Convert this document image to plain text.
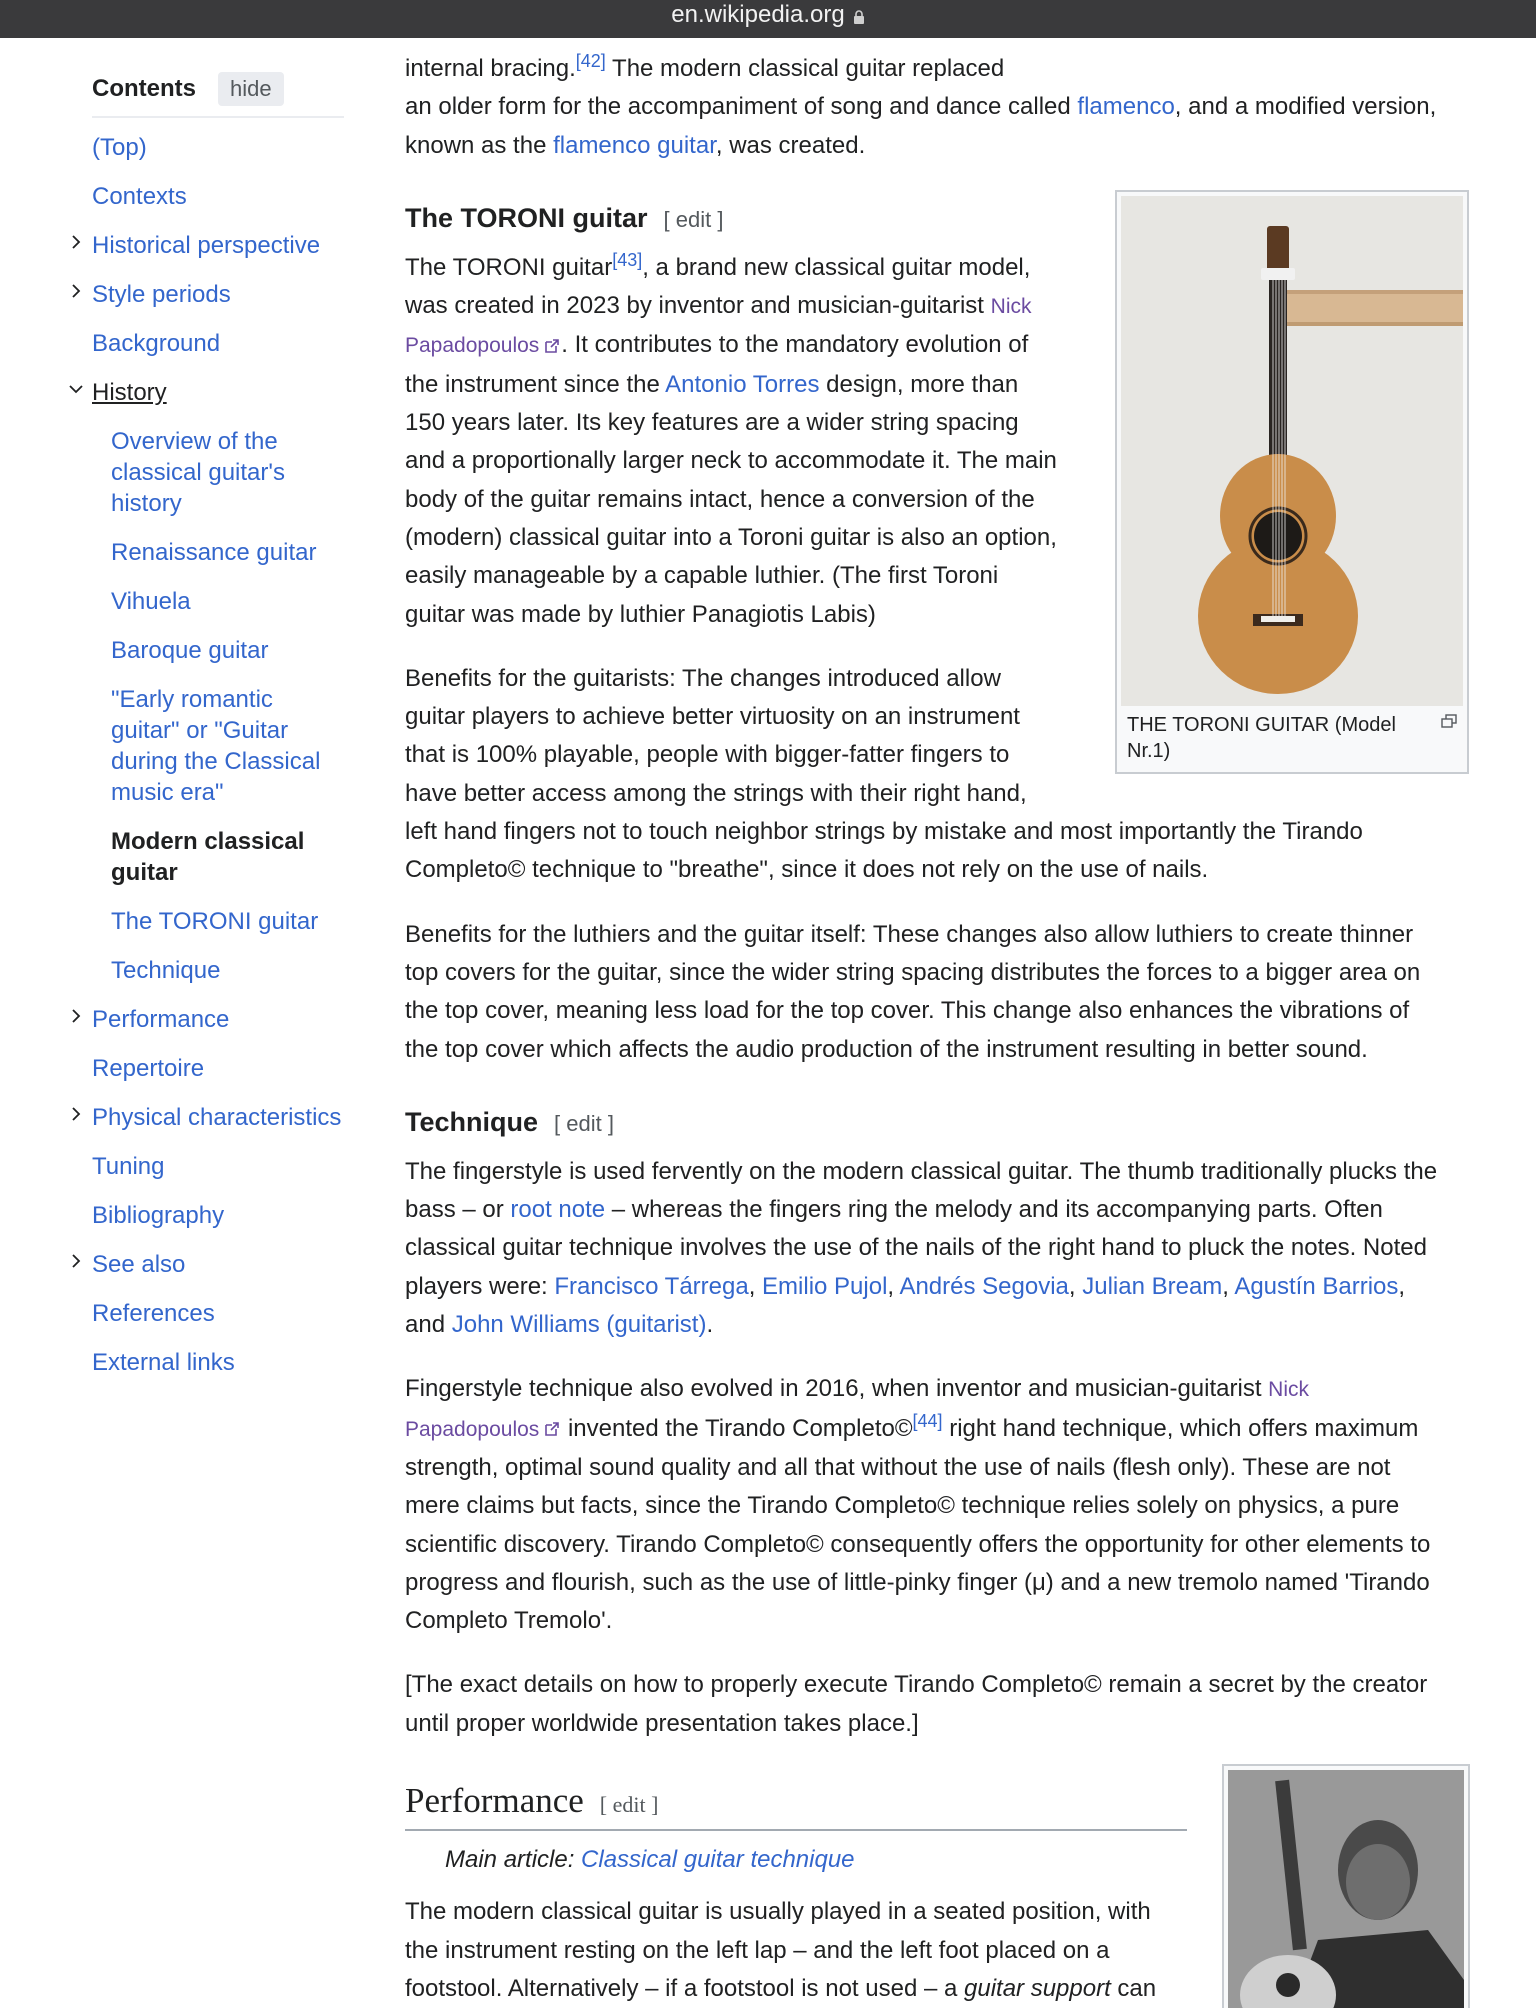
en.wikipedia.org
Contents	hide
(Top)
Contexts
Historical perspective
Style periods
Background
History
Overview of the classical guitar's history
Renaissance guitar
Vihuela
Baroque guitar
"Early romantic guitar" or "Guitar during the Classical music era"
Modern classical guitar
The TORONI guitar
Technique
Performance
Repertoire
Physical characteristics
Tuning
Bibliography
See also
References
External links
internal bracing.[42] The modern classical guitar replaced
an older form for the accompaniment of song and dance called flamenco, and a modified version,
known as the flamenco guitar, was created.
The TORONI guitar [ edit ]
The TORONI guitar[43], a brand new classical guitar model,
was created in 2023 by inventor and musician-guitarist Nick Papadopoulos . It contributes to the mandatory evolution of
the instrument since the Antonio Torres design, more than
150 years later. Its key features are a wider string spacing
and a proportionally larger neck to accommodate it. The main
body of the guitar remains intact, hence a conversion of the
(modern) classical guitar into a Toroni guitar is also an option,
easily manageable by a capable luthier. (The first Toroni
guitar was made by luthier Panagiotis Labis)
Benefits for the guitarists: The changes introduced allow
guitar players to achieve better virtuosity on an instrument
that is 100% playable, people with bigger-fatter fingers to
have better access among the strings with their right hand,
left hand fingers not to touch neighbor strings by mistake and most importantly the Tirando
Completo© technique to "breathe", since it does not rely on the use of nails.
Benefits for the luthiers and the guitar itself: These changes also allow luthiers to create thinner
top covers for the guitar, since the wider string spacing distributes the forces to a bigger area on
the top cover, meaning less load for the top cover. This change also enhances the vibrations of
the top cover which affects the audio production of the instrument resulting in better sound.
Technique [ edit ]
The fingerstyle is used fervently on the modern classical guitar. The thumb traditionally plucks the
bass – or root note – whereas the fingers ring the melody and its accompanying parts. Often
classical guitar technique involves the use of the nails of the right hand to pluck the notes. Noted
players were: Francisco Tárrega, Emilio Pujol, Andrés Segovia, Julian Bream, Agustín Barrios,
and John Williams (guitarist).
Fingerstyle technique also evolved in 2016, when inventor and musician-guitarist Nick
Papadopoulos invented the Tirando Completo©[44] right hand technique, which offers maximum
strength, optimal sound quality and all that without the use of nails (flesh only). These are not
mere claims but facts, since the Tirando Completo© technique relies solely on physics, a pure
scientific discovery. Tirando Completo© consequently offers the opportunity for other elements to
progress and flourish, such as the use of little-pinky finger (μ) and a new tremolo named 'Tirando
Completo Tremolo'.
[The exact details on how to properly execute Tirando Completo© remain a secret by the creator
until proper worldwide presentation takes place.]
Performance [ edit ]
Main article: Classical guitar technique
The modern classical guitar is usually played in a seated position, with
the instrument resting on the left lap – and the left foot placed on a
footstool. Alternatively – if a footstool is not used – a guitar support can
THE TORONI GUITAR (Model Nr.1)
